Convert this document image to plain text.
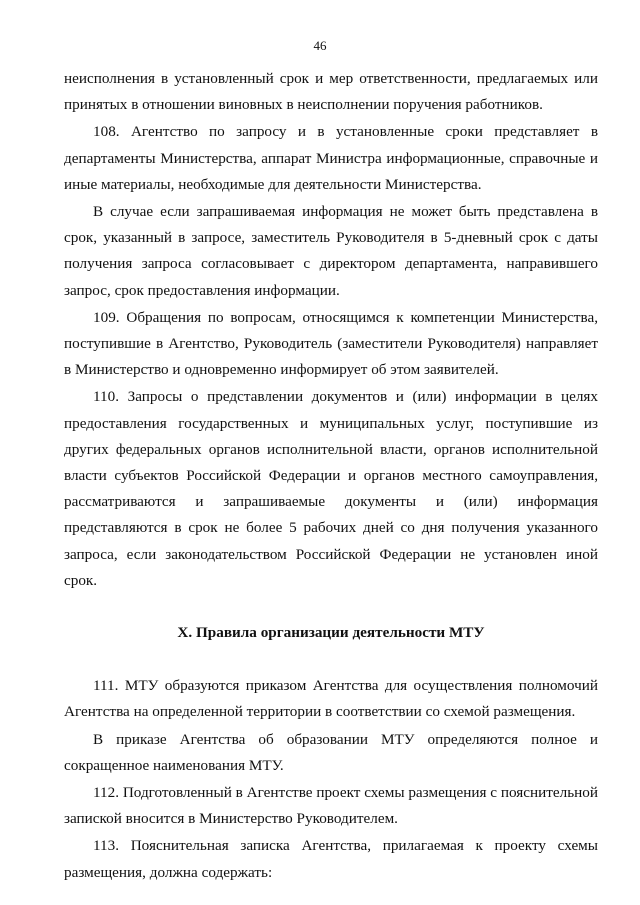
46

неисполнения в установленный срок и мер ответственности, предлагаемых или принятых в отношении виновных в неисполнении поручения работников.

108. Агентство по запросу и в установленные сроки представляет в департаменты Министерства, аппарат Министра информационные, справочные и иные материалы, необходимые для деятельности Министерства.

В случае если запрашиваемая информация не может быть представлена в срок, указанный в запросе, заместитель Руководителя в 5-дневный срок с даты получения запроса согласовывает с директором департамента, направившего запрос, срок предоставления информации.

109. Обращения по вопросам, относящимся к компетенции Министерства, поступившие в Агентство, Руководитель (заместители Руководителя) направляет в Министерство и одновременно информирует об этом заявителей.

110. Запросы о представлении документов и (или) информации в целях предоставления государственных и муниципальных услуг, поступившие из других федеральных органов исполнительной власти, органов исполнительной власти субъектов Российской Федерации и органов местного самоуправления, рассматриваются и запрашиваемые документы и (или) информация представляются в срок не более 5 рабочих дней со дня получения указанного запроса, если законодательством Российской Федерации не установлен иной срок.

X. Правила организации деятельности МТУ

111. МТУ образуются приказом Агентства для осуществления полномочий Агентства на определенной территории в соответствии со схемой размещения.

В приказе Агентства об образовании МТУ определяются полное и сокращенное наименования МТУ.

112. Подготовленный в Агентстве проект схемы размещения с пояснительной запиской вносится в Министерство Руководителем.

113. Пояснительная записка Агентства, прилагаемая к проекту схемы размещения, должна содержать:
